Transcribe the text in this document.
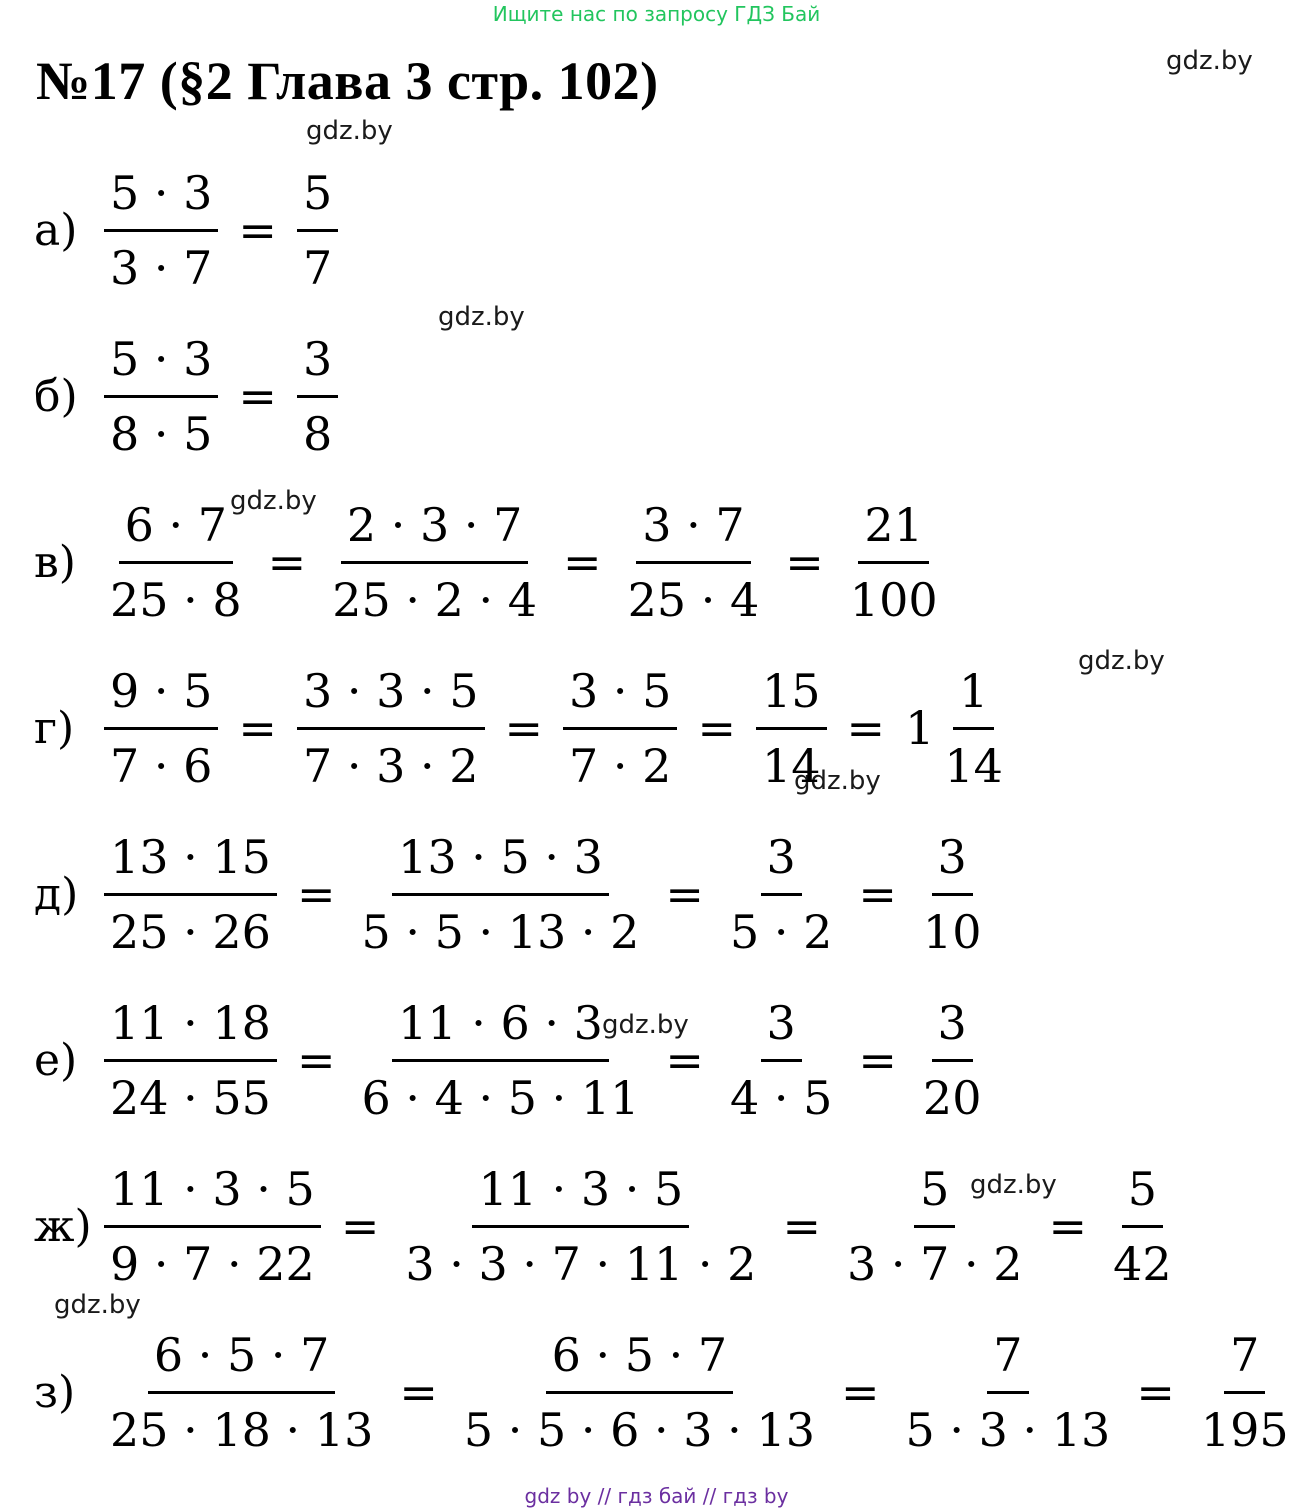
Ищите нас по запросу ГДЗ Бай
№17 (§2 Глава 3 стр. 102)	gdz.by
gdz.by
gdz.by
gdz.by
gdz.by
gdz.by
gdz.by
gdz.by
gdz.by
$а) \frac{5 \cdot 3}{3 \cdot 7} = \frac{5}{7}$
$б) \frac{5 \cdot 3}{8 \cdot 5} = \frac{3}{8}$
$в) \frac{6 \cdot 7}{25 \cdot 8} = \frac{2 \cdot 3 \cdot 7}{25 \cdot 2 \cdot 4} = \frac{3 \cdot 7}{25 \cdot 4} = \frac{21}{100}$
$г) \frac{9 \cdot 5}{7 \cdot 6} = \frac{3 \cdot 3 \cdot 5}{7 \cdot 3 \cdot 2} = \frac{3 \cdot 5}{7 \cdot 2} = \frac{15}{14} = 1 \frac{1}{14}$
$д) \frac{13 \cdot 15}{25 \cdot 26} = \frac{13 \cdot 5 \cdot 3}{5 \cdot 5 \cdot 13 \cdot 2} = \frac{3}{5 \cdot 2} = \frac{3}{10}$
$е) \frac{11 \cdot 18}{24 \cdot 55} = \frac{11 \cdot 6 \cdot 3}{6 \cdot 4 \cdot 5 \cdot 11} = \frac{3}{4 \cdot 5} = \frac{3}{20}$
$ж) \frac{11 \cdot 3 \cdot 5}{9 \cdot 7 \cdot 22} = \frac{11 \cdot 3 \cdot 5}{3 \cdot 3 \cdot 7 \cdot 11 \cdot 2} = \frac{5}{3 \cdot 7 \cdot 2} = \frac{5}{42}$
$з) \frac{6 \cdot 5 \cdot 7}{25 \cdot 18 \cdot 13} = \frac{6 \cdot 5 \cdot 7}{5 \cdot 5 \cdot 6 \cdot 3 \cdot 13} = \frac{7}{5 \cdot 3 \cdot 13} = \frac{7}{195}$
gdz by // гдз бай // гдз by
